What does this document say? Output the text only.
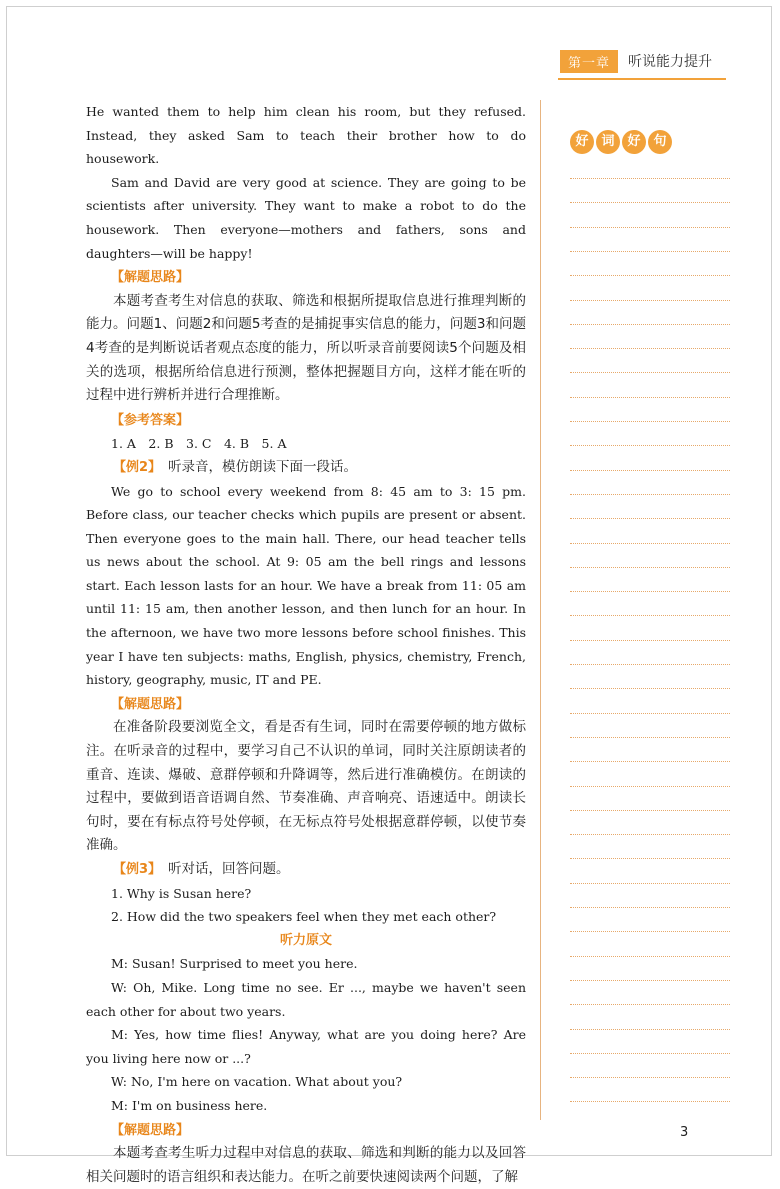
第一章	听说能力提升

He wanted them to help him clean his room, but they refused. Instead, they asked Sam to teach their brother how to do housework.

Sam and David are very good at science. They are going to be scientists after university. They want to make a robot to do the housework. Then everyone—mothers and fathers, sons and daughters—will be happy!

【解题思路】

本题考查考生对信息的获取、筛选和根据所提取信息进行推理判断的能力。问题1、问题2和问题5考查的是捕捉事实信息的能力，问题3和问题4考查的是判断说话者观点态度的能力，所以听录音前要阅读5个问题及相关的选项，根据所给信息进行预测，整体把握题目方向，这样才能在听的过程中进行辨析并进行合理推断。

【参考答案】

1. A　2. B　3. C　4. B　5. A

【例2】　 听录音，模仿朗读下面一段话。

We go to school every weekend from 8: 45 am to 3: 15 pm. Before class, our teacher checks which pupils are present or absent. Then everyone goes to the main hall. There, our head teacher tells us news about the school. At 9: 05 am the bell rings and lessons start. Each lesson lasts for an hour. We have a break from 11: 05 am until 11: 15 am, then another lesson, and then lunch for an hour. In the afternoon, we have two more lessons before school finishes. This year I have ten subjects: maths, English, physics, chemistry, French, history, geography, music, IT and PE.

【解题思路】

在准备阶段要浏览全文，看是否有生词，同时在需要停顿的地方做标注。在听录音的过程中，要学习自己不认识的单词，同时关注原朗读者的重音、连读、爆破、意群停顿和升降调等，然后进行准确模仿。在朗读的过程中，要做到语音语调自然、节奏准确、声音响亮、语速适中。朗读长句时，要在有标点符号处停顿，在无标点符号处根据意群停顿，以使节奏准确。

【例3】　 听对话，回答问题。

1. Why is Susan here?

2. How did the two speakers feel when they met each other?

听力原文

M: Susan! Surprised to meet you here.

W: Oh, Mike. Long time no see. Er ..., maybe we haven't seen each other for about two years.

M: Yes, how time flies! Anyway, what are you doing here? Are you living here now or ...?

W: No, I'm here on vacation. What about you?

M: I'm on business here.

【解题思路】

本题考查考生听力过程中对信息的获取、筛选和判断的能力以及回答相关问题时的语言组织和表达能力。在听之前要快速阅读两个问题，了解

好 词 好 句
3
